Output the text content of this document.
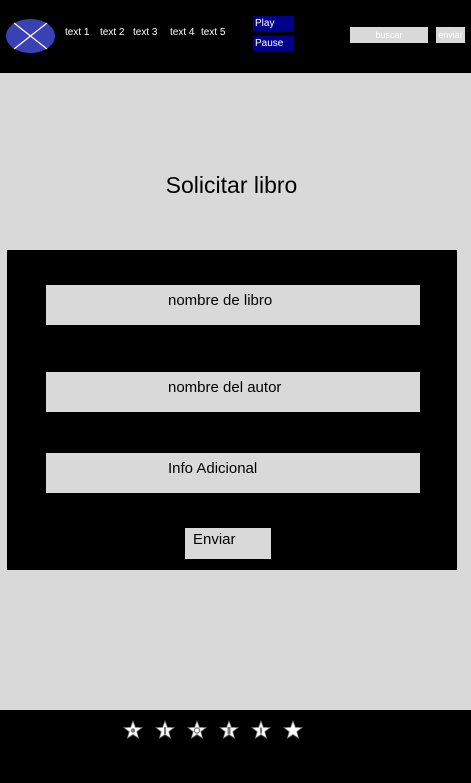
text 1 text 2 text 3 text 4 text 5
Play
Pause
buscar
enviar
Solicitar libro
nombre de libro
nombre del autor
Info Adicional
Enviar
